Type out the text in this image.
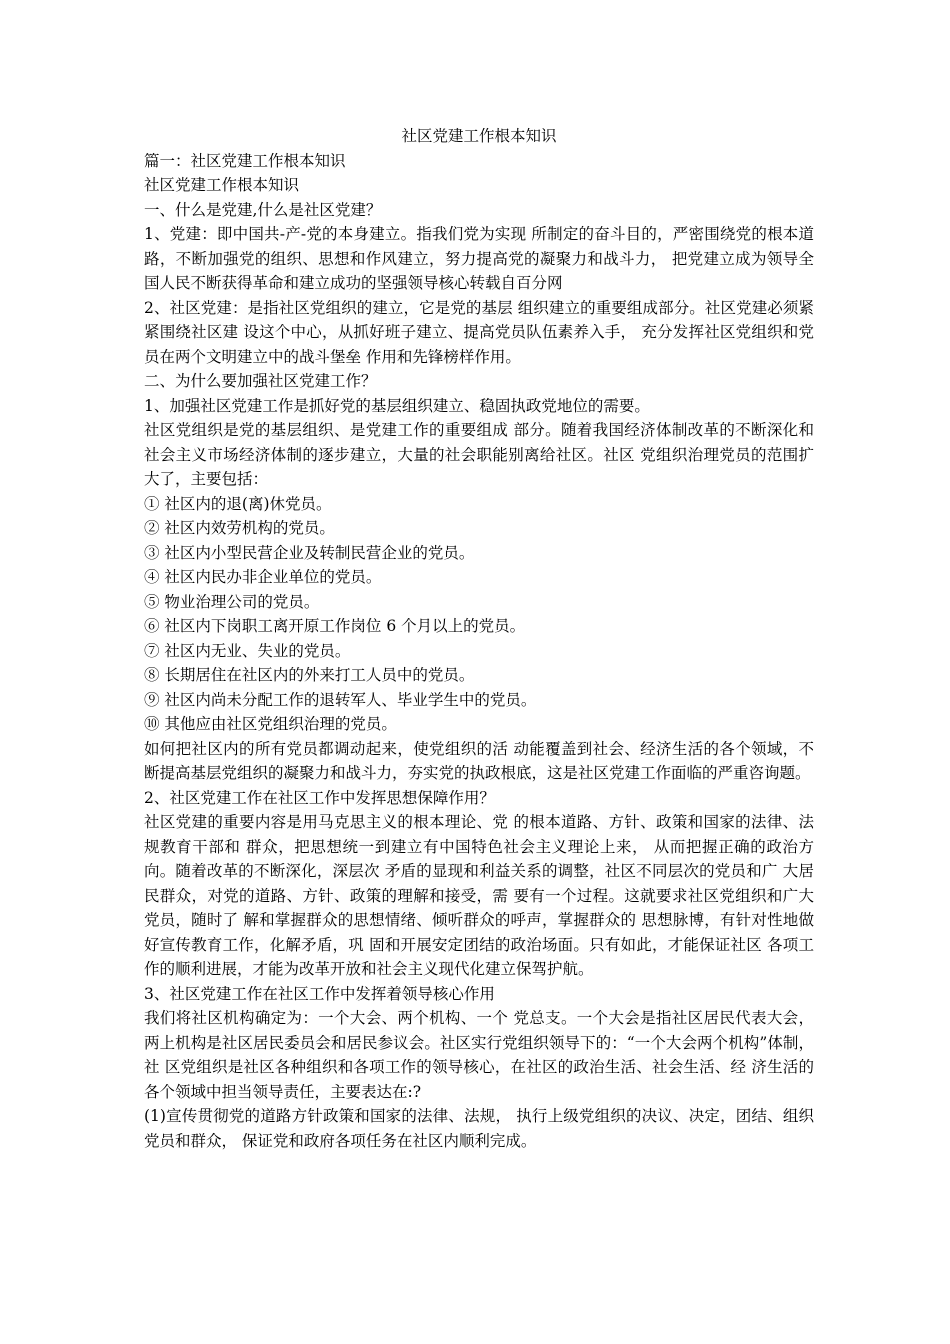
社区党建工作根本知识

篇一：社区党建工作根本知识

社区党建工作根本知识

一、什么是党建,什么是社区党建？

1、党建：即中国共-产-党的本身建立。指我们党为实现 所制定的奋斗目的，严密围绕党的根本道路，不断加强党的组织、思想和作风建立，努力提高党的凝聚力和战斗力， 把党建立成为领导全国人民不断获得革命和建立成功的坚强领导核心转载自百分网

2、社区党建：是指社区党组织的建立，它是党的基层 组织建立的重要组成部分。社区党建必须紧紧围绕社区建 设这个中心，从抓好班子建立、提高党员队伍素养入手， 充分发挥社区党组织和党员在两个文明建立中的战斗堡垒 作用和先锋榜样作用。

二、为什么要加强社区党建工作？

1、加强社区党建工作是抓好党的基层组织建立、稳固执政党地位的需要。

社区党组织是党的基层组织、是党建工作的重要组成 部分。随着我国经济体制改革的不断深化和社会主义市场经济体制的逐步建立，大量的社会职能别离给社区。社区 党组织治理党员的范围扩大了，主要包括：

① 社区内的退(离)休党员。

② 社区内效劳机构的党员。

③ 社区内小型民营企业及转制民营企业的党员。

④ 社区内民办非企业单位的党员。

⑤ 物业治理公司的党员。

⑥ 社区内下岗职工离开原工作岗位 6 个月以上的党员。

⑦ 社区内无业、失业的党员。

⑧ 长期居住在社区内的外来打工人员中的党员。

⑨ 社区内尚未分配工作的退转军人、毕业学生中的党员。

⑩ 其他应由社区党组织治理的党员。

如何把社区内的所有党员都调动起来，使党组织的活 动能覆盖到社会、经济生活的各个领域，不断提高基层党组织的凝聚力和战斗力，夯实党的执政根底，这是社区党建工作面临的严重咨询题。

2、社区党建工作在社区工作中发挥思想保障作用？

社区党建的重要内容是用马克思主义的根本理论、党 的根本道路、方针、政策和国家的法律、法规教育干部和 群众，把思想统一到建立有中国特色社会主义理论上来， 从而把握正确的政治方向。随着改革的不断深化，深层次 矛盾的显现和利益关系的调整，社区不同层次的党员和广 大居民群众，对党的道路、方针、政策的理解和接受，需 要有一个过程。这就要求社区党组织和广大党员，随时了 解和掌握群众的思想情绪、倾听群众的呼声，掌握群众的 思想脉博，有针对性地做好宣传教育工作，化解矛盾，巩 固和开展安定团结的政治场面。只有如此，才能保证社区 各项工作的顺利进展，才能为改革开放和社会主义现代化建立保驾护航。

3、社区党建工作在社区工作中发挥着领导核心作用

我们将社区机构确定为：一个大会、两个机构、一个 党总支。一个大会是指社区居民代表大会，两上机构是社区居民委员会和居民参议会。社区实行党组织领导下的：“一个大会两个机构”体制，社 区党组织是社区各种组织和各项工作的领导核心，在社区的政治生活、社会生活、经 济生活的各个领域中担当领导责任，主要表达在:?

(1)宣传贯彻党的道路方针政策和国家的法律、法规， 执行上级党组织的决议、决定，团结、组织党员和群众， 保证党和政府各项任务在社区内顺利完成。
